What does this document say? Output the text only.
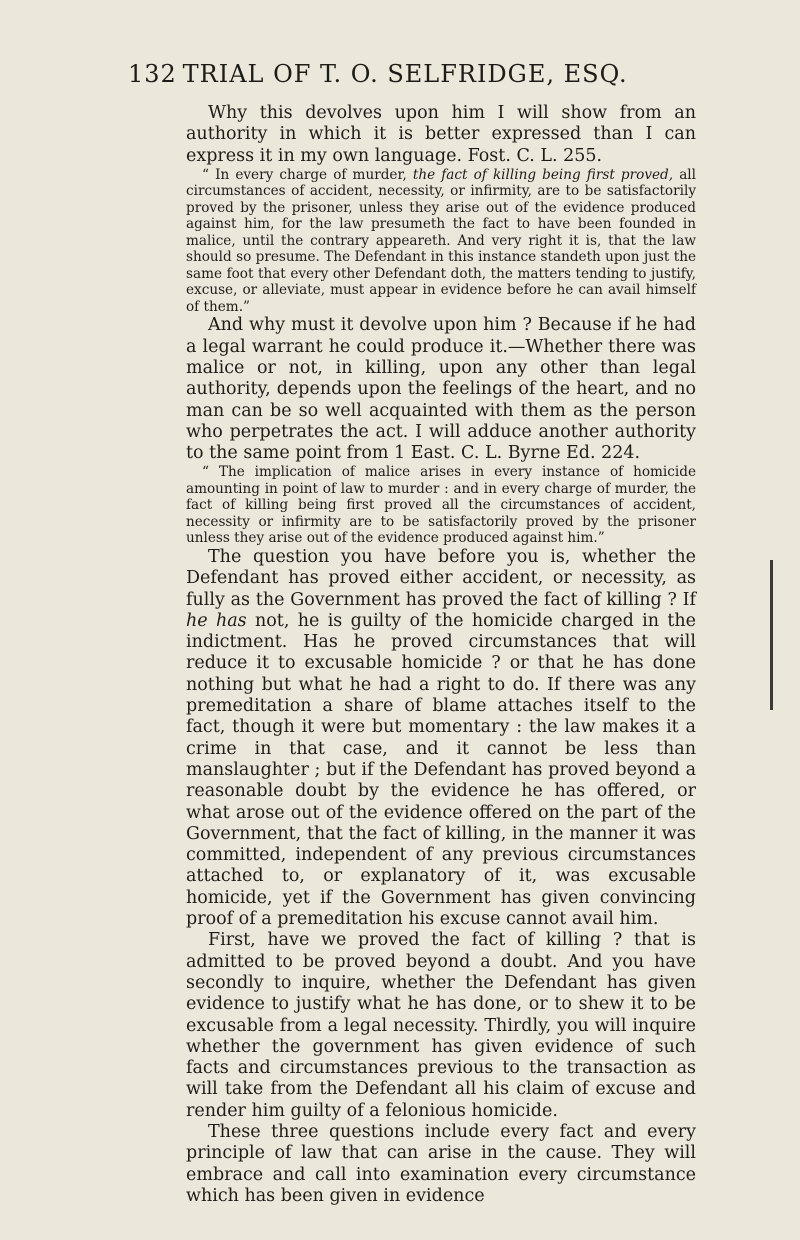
132 TRIAL OF T. O. SELFRIDGE, ESQ.

Why this devolves upon him I will show from an authority in which it is better expressed than I can express it in my own language. Fost. C. L. 255.

“ In every charge of murder, the fact of killing being first proved, all circumstances of accident, necessity, or infirmity, are to be satisfactorily proved by the prisoner, unless they arise out of the evidence produced against him, for the law presumeth the fact to have been founded in malice, until the contrary appeareth. And very right it is, that the law should so presume. The Defendant in this instance standeth upon just the same foot that every other Defendant doth, the matters tending to justify, excuse, or alleviate, must appear in evidence before he can avail himself of them.”

And why must it devolve upon him ? Because if he had a legal warrant he could produce it.—Whether there was malice or not, in killing, upon any other than legal authority, depends upon the feelings of the heart, and no man can be so well acquainted with them as the person who perpetrates the act. I will adduce another authority to the same point from 1 East. C. L. Byrne Ed. 224.

“ The implication of malice arises in every instance of homicide amounting in point of law to murder : and in every charge of murder, the fact of killing being first proved all the circumstances of accident, necessity or infirmity are to be satisfactorily proved by the prisoner unless they arise out of the evidence produced against him.”

The question you have before you is, whether the Defendant has proved either accident, or necessity, as fully as the Government has proved the fact of killing ? If he has not, he is guilty of the homicide charged in the indictment. Has he proved circumstances that will reduce it to excusable homicide ? or that he has done nothing but what he had a right to do. If there was any premeditation a share of blame attaches itself to the fact, though it were but momentary : the law makes it a crime in that case, and it cannot be less than manslaughter ; but if the Defendant has proved beyond a reasonable doubt by the evidence he has offered, or what arose out of the evidence offered on the part of the Government, that the fact of killing, in the manner it was committed, independent of any previous circumstances attached to, or explanatory of it, was excusable homicide, yet if the Government has given convincing proof of a premeditation his excuse cannot avail him.

First, have we proved the fact of killing ? that is admitted to be proved beyond a doubt. And you have secondly to inquire, whether the Defendant has given evidence to justify what he has done, or to shew it to be excusable from a legal necessity. Thirdly, you will inquire whether the government has given evidence of such facts and circumstances previous to the transaction as will take from the Defendant all his claim of excuse and render him guilty of a felonious homicide.

These three questions include every fact and every principle of law that can arise in the cause. They will embrace and call into examination every circumstance which has been given in evidence
